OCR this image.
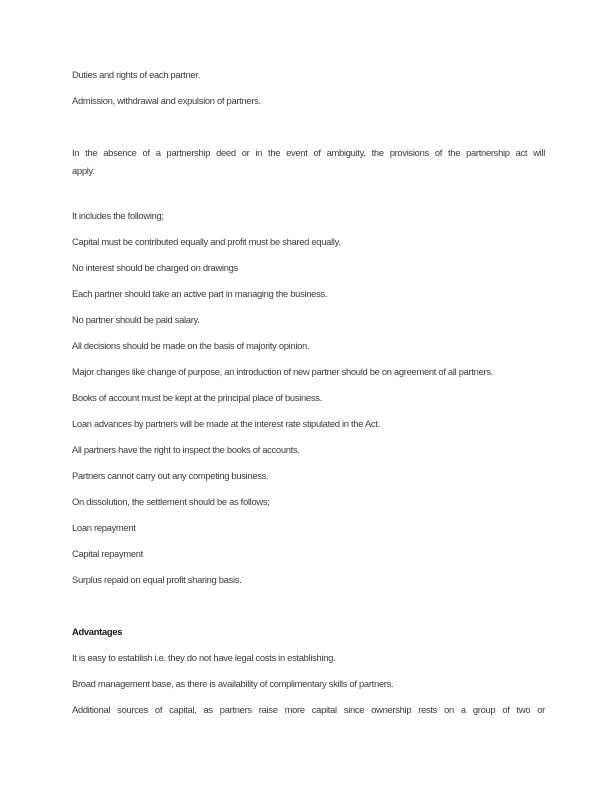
Duties and rights of each partner.
Admission, withdrawal and expulsion of partners.
In the absence of a partnership deed or in the event of ambiguity, the provisions of the partnership act will
apply.
It includes the following;
Capital must be contributed equally and profit must be shared equally.
No interest should be charged on drawings
Each partner should take an active part in managing the business.
No partner should be paid salary.
All decisions should be made on the basis of majority opinion.
Major changes like change of purpose, an introduction of new partner should be on agreement of all partners.
Books of account must be kept at the principal place of business.
Loan advances by partners will be made at the interest rate stipulated in the Act.
All partners have the right to inspect the books of accounts.
Partners cannot carry out any competing business.
On dissolution, the settlement should be as follows;
Loan repayment
Capital repayment
Surplus repaid on equal profit sharing basis.
Advantages
It is easy to establish i.e. they do not have legal costs in establishing.
Broad management base, as there is availability of complimentary skills of partners.
Additional sources of capital, as partners raise more capital since ownership rests on a group of two or
